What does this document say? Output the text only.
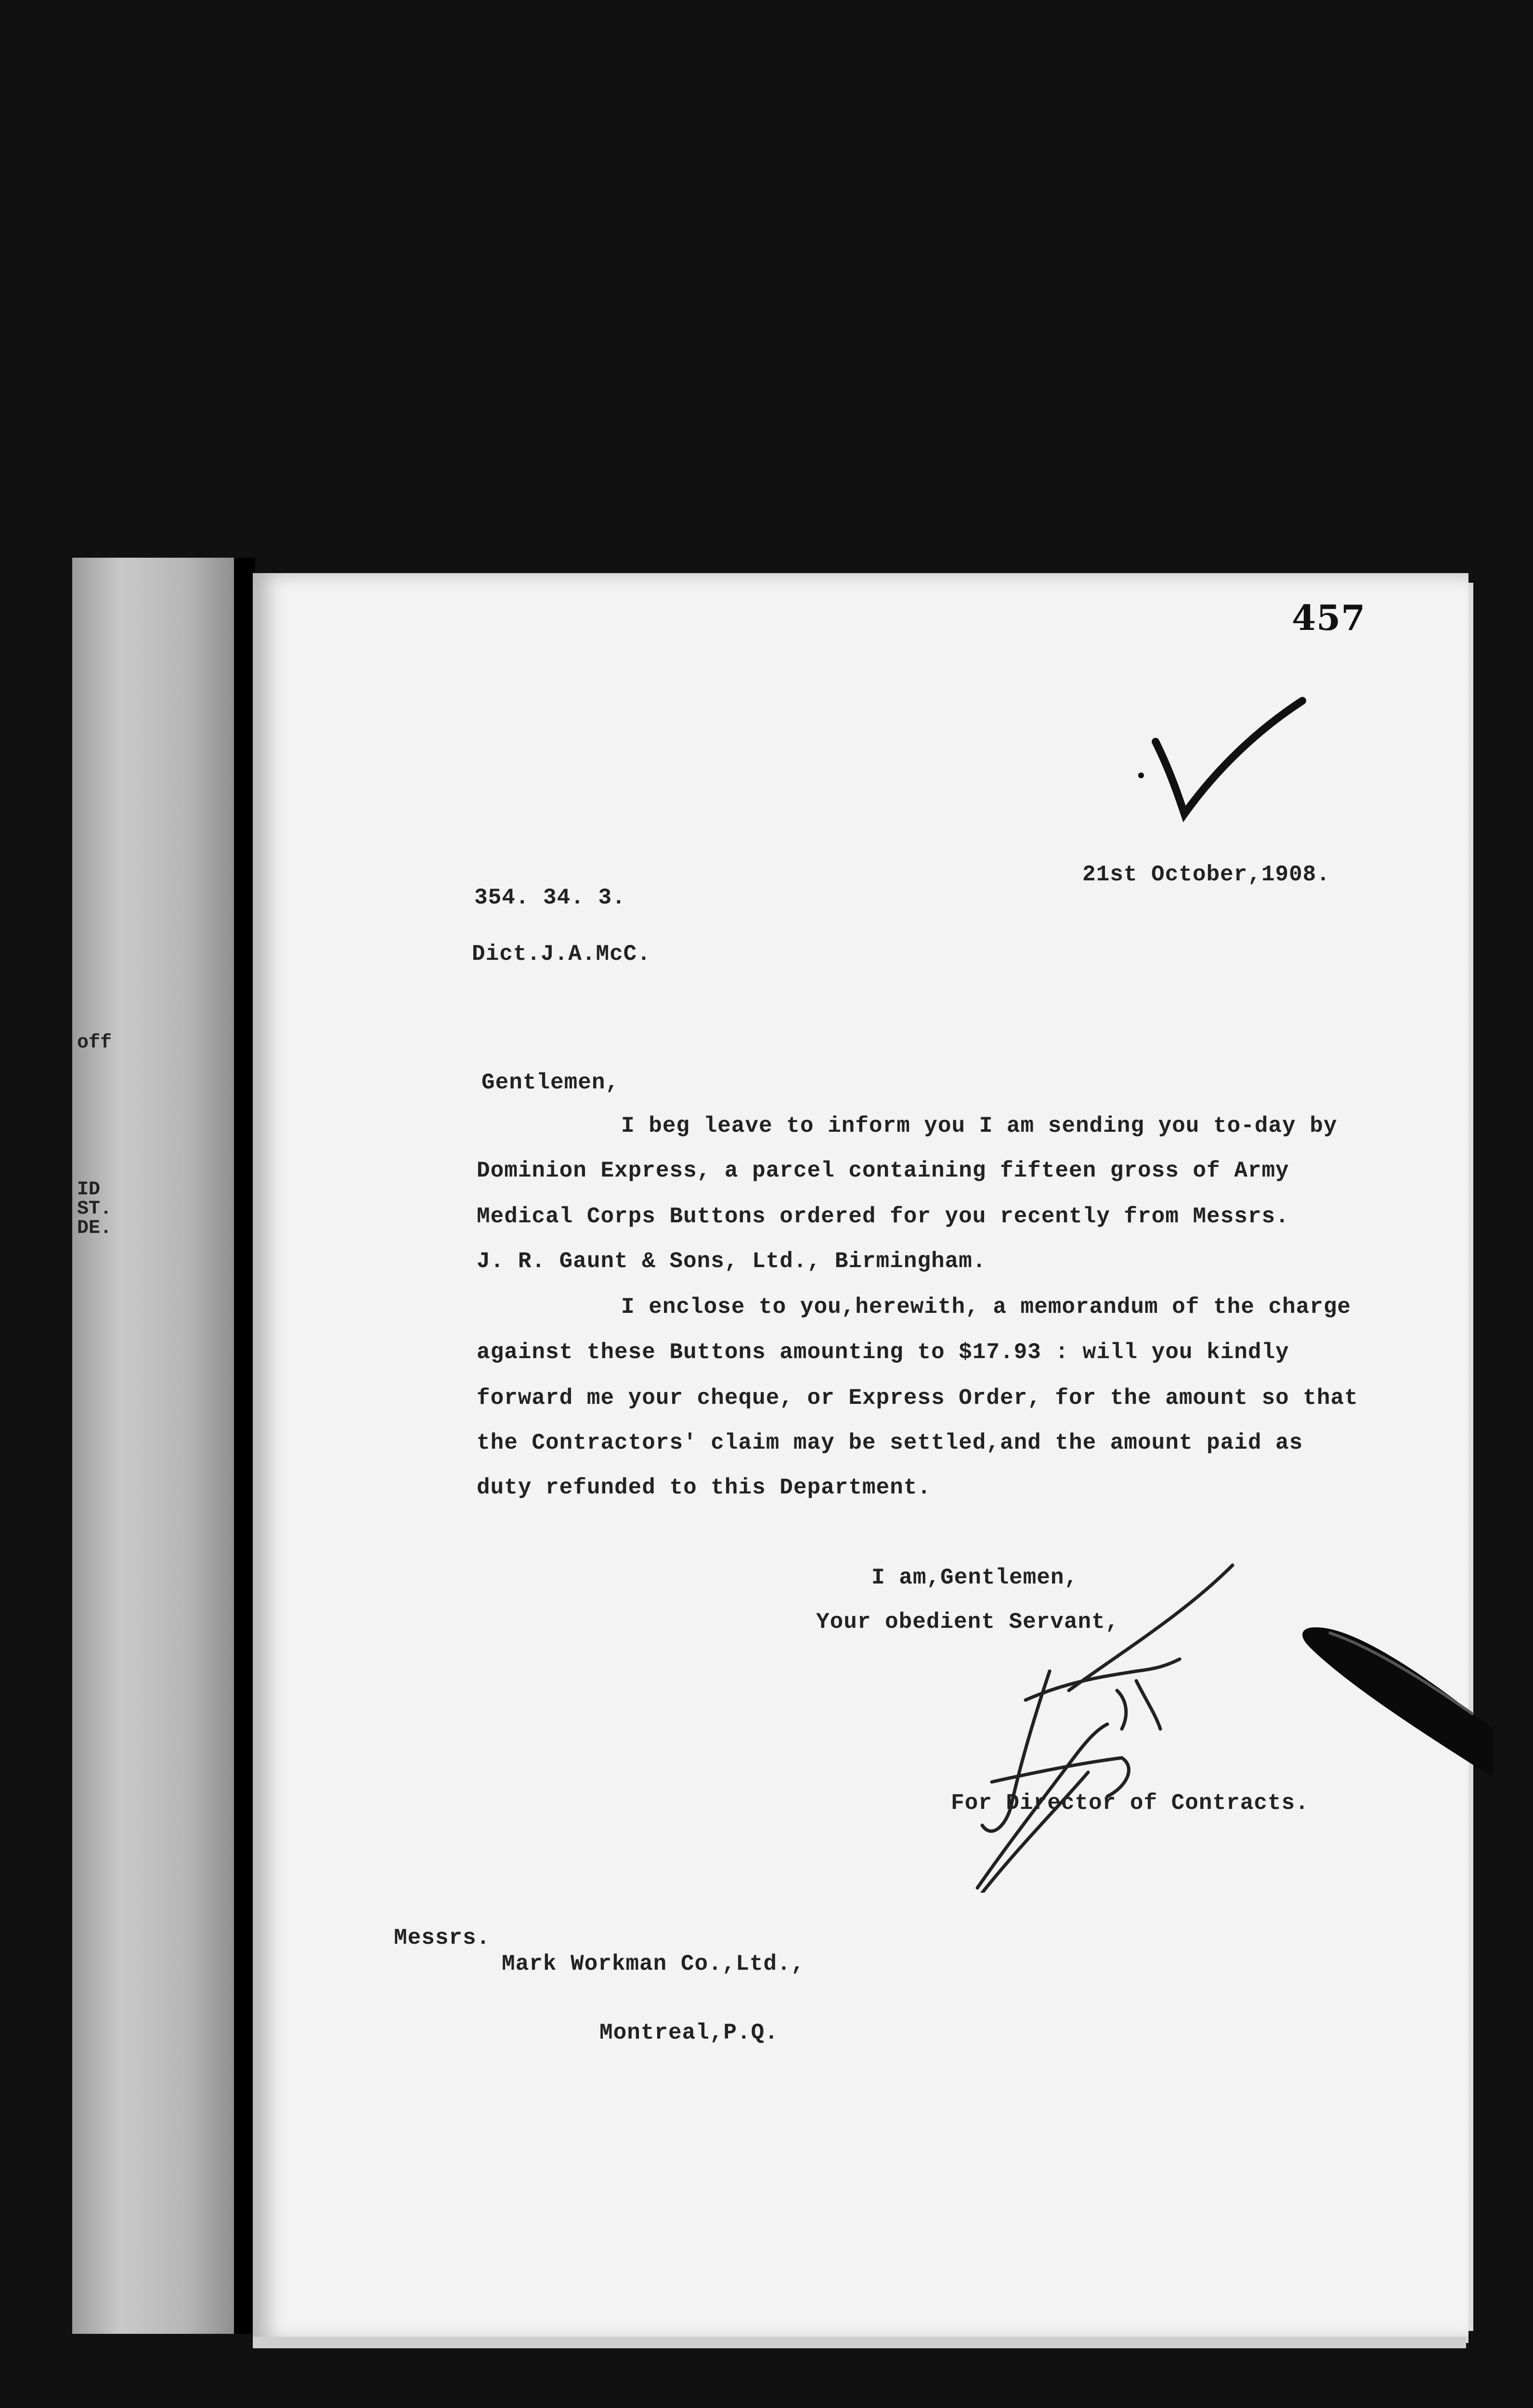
off
ID
ST.
DE.
457
21st October,1908.
354. 34. 3.
Dict.J.A.McC.
Gentlemen,
I beg leave to inform you I am sending you to-day by
Dominion Express, a parcel containing fifteen gross of Army
Medical Corps Buttons ordered for you recently from Messrs.
J. R. Gaunt & Sons, Ltd., Birmingham.
I enclose to you,herewith, a memorandum of the charge
against these Buttons amounting to $17.93 : will you kindly
forward me your cheque, or Express Order, for the amount so that
the Contractors' claim may be settled,and the amount paid as
duty refunded to this Department.
I am,Gentlemen,
Your obedient Servant,
For Director of Contracts.
Messrs.
Mark Workman Co.,Ltd.,
Montreal,P.Q.
